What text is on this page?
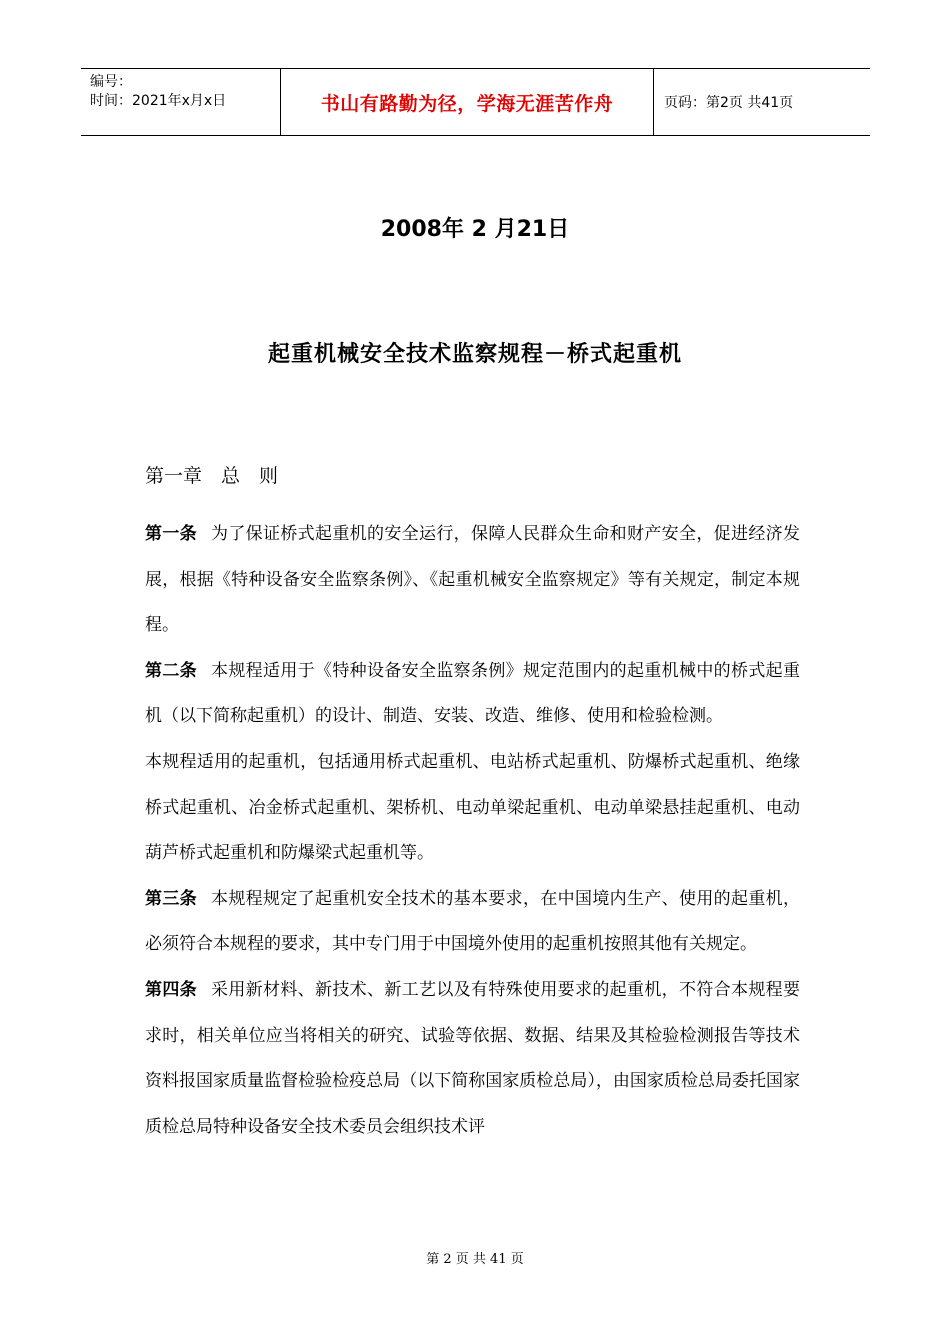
编号：
时间：2021年x月x日	书山有路勤为径，学海无涯苦作舟	页码：第2页 共41页
2008年 2 月21日
起重机械安全技术监察规程－桥式起重机
第一章　总　则

第一条 为了保证桥式起重机的安全运行，保障人民群众生命和财产安全，促进经济发展，根据《特种设备安全监察条例》、《起重机械安全监察规定》等有关规定，制定本规程。

第二条 本规程适用于《特种设备安全监察条例》规定范围内的起重机械中的桥式起重机（以下简称起重机）的设计、制造、安装、改造、维修、使用和检验检测。

本规程适用的起重机，包括通用桥式起重机、电站桥式起重机、防爆桥式起重机、绝缘桥式起重机、冶金桥式起重机、架桥机、电动单梁起重机、电动单梁悬挂起重机、电动葫芦桥式起重机和防爆梁式起重机等。

第三条 本规程规定了起重机安全技术的基本要求，在中国境内生产、使用的起重机，必须符合本规程的要求，其中专门用于中国境外使用的起重机按照其他有关规定。

第四条 采用新材料、新技术、新工艺以及有特殊使用要求的起重机，不符合本规程要求时，相关单位应当将相关的研究、试验等依据、数据、结果及其检验检测报告等技术资料报国家质量监督检验检疫总局（以下简称国家质检总局），由国家质检总局委托国家质检总局特种设备安全技术委员会组织技术评

第 2 页 共 41 页
